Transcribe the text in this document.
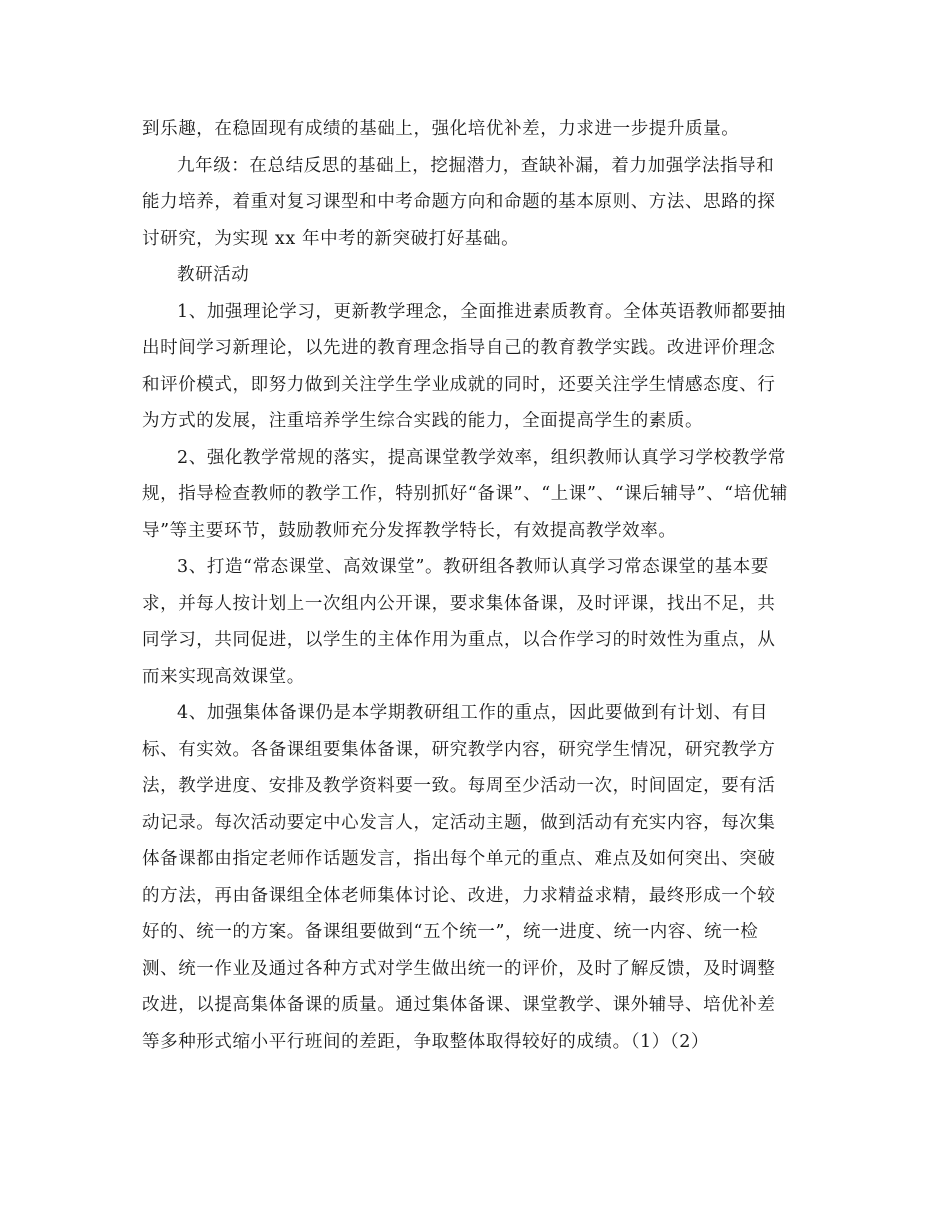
到乐趣，在稳固现有成绩的基础上，强化培优补差，力求进一步提升质量。
九年级：在总结反思的基础上，挖掘潜力，查缺补漏，着力加强学法指导和
能力培养，着重对复习课型和中考命题方向和命题的基本原则、方法、思路的探
讨研究，为实现 xx 年中考的新突破打好基础。
教研活动
1、加强理论学习，更新教学理念，全面推进素质教育。全体英语教师都要抽
出时间学习新理论，以先进的教育理念指导自己的教育教学实践。改进评价理念
和评价模式，即努力做到关注学生学业成就的同时，还要关注学生情感态度、行
为方式的发展，注重培养学生综合实践的能力，全面提高学生的素质。
2、强化教学常规的落实，提高课堂教学效率，组织教师认真学习学校教学常
规，指导检查教师的教学工作，特别抓好“备课”、“上课”、“课后辅导”、“培优辅
导”等主要环节，鼓励教师充分发挥教学特长，有效提高教学效率。
3、打造“常态课堂、高效课堂”。教研组各教师认真学习常态课堂的基本要
求，并每人按计划上一次组内公开课，要求集体备课，及时评课，找出不足，共
同学习，共同促进，以学生的主体作用为重点，以合作学习的时效性为重点，从
而来实现高效课堂。
4、加强集体备课仍是本学期教研组工作的重点，因此要做到有计划、有目
标、有实效。各备课组要集体备课，研究教学内容，研究学生情况，研究教学方
法，教学进度、安排及教学资料要一致。每周至少活动一次，时间固定，要有活
动记录。每次活动要定中心发言人，定活动主题，做到活动有充实内容，每次集
体备课都由指定老师作话题发言，指出每个单元的重点、难点及如何突出、突破
的方法，再由备课组全体老师集体讨论、改进，力求精益求精，最终形成一个较
好的、统一的方案。备课组要做到“五个统一”，统一进度、统一内容、统一检
测、统一作业及通过各种方式对学生做出统一的评价，及时了解反馈，及时调整
改进，以提高集体备课的质量。通过集体备课、课堂教学、课外辅导、培优补差
等多种形式缩小平行班间的差距，争取整体取得较好的成绩。（1）（2）
